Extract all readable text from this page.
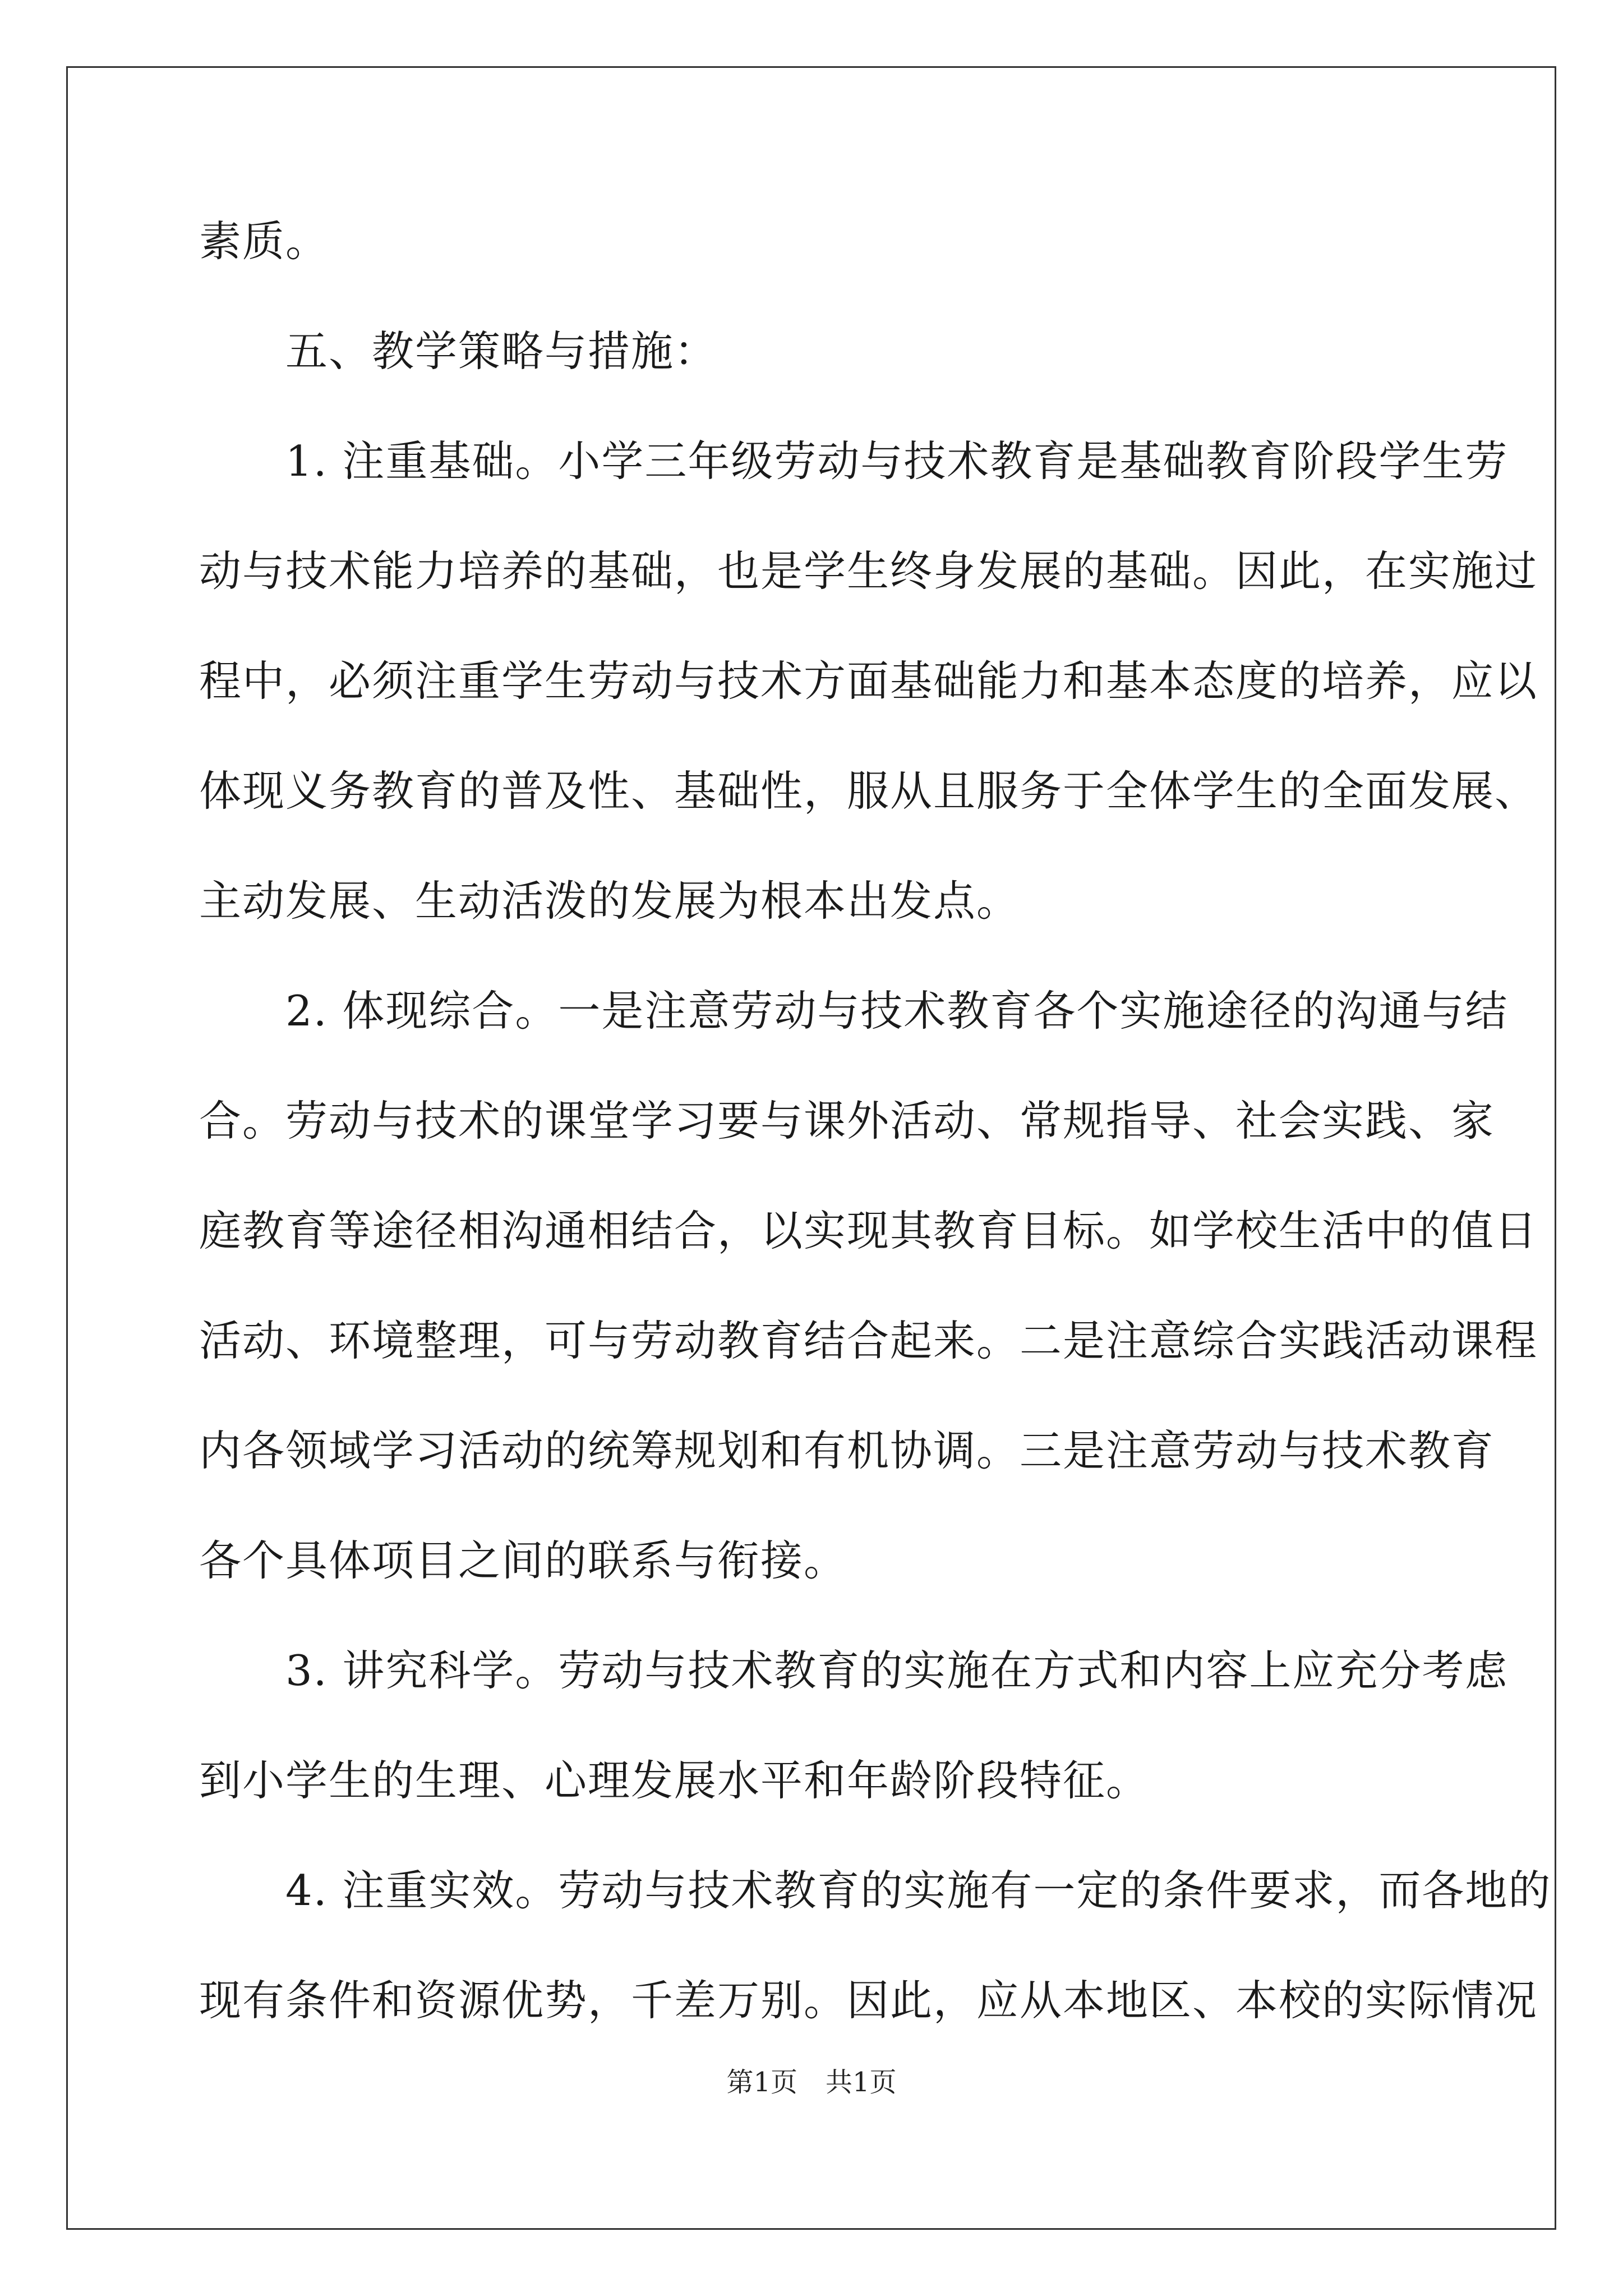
素质。
　　五、教学策略与措施：
　　1. 注重基础。小学三年级劳动与技术教育是基础教育阶段学生劳
动与技术能力培养的基础，也是学生终身发展的基础。因此，在实施过
程中，必须注重学生劳动与技术方面基础能力和基本态度的培养，应以
体现义务教育的普及性、基础性，服从且服务于全体学生的全面发展、
主动发展、生动活泼的发展为根本出发点。
　　2. 体现综合。一是注意劳动与技术教育各个实施途径的沟通与结
合。劳动与技术的课堂学习要与课外活动、常规指导、社会实践、家
庭教育等途径相沟通相结合，以实现其教育目标。如学校生活中的值日
活动、环境整理，可与劳动教育结合起来。二是注意综合实践活动课程
内各领域学习活动的统筹规划和有机协调。三是注意劳动与技术教育
各个具体项目之间的联系与衔接。
　　3. 讲究科学。劳动与技术教育的实施在方式和内容上应充分考虑
到小学生的生理、心理发展水平和年龄阶段特征。
　　4. 注重实效。劳动与技术教育的实施有一定的条件要求，而各地的
现有条件和资源优势，千差万别。因此，应从本地区、本校的实际情况
第1页 共1页
